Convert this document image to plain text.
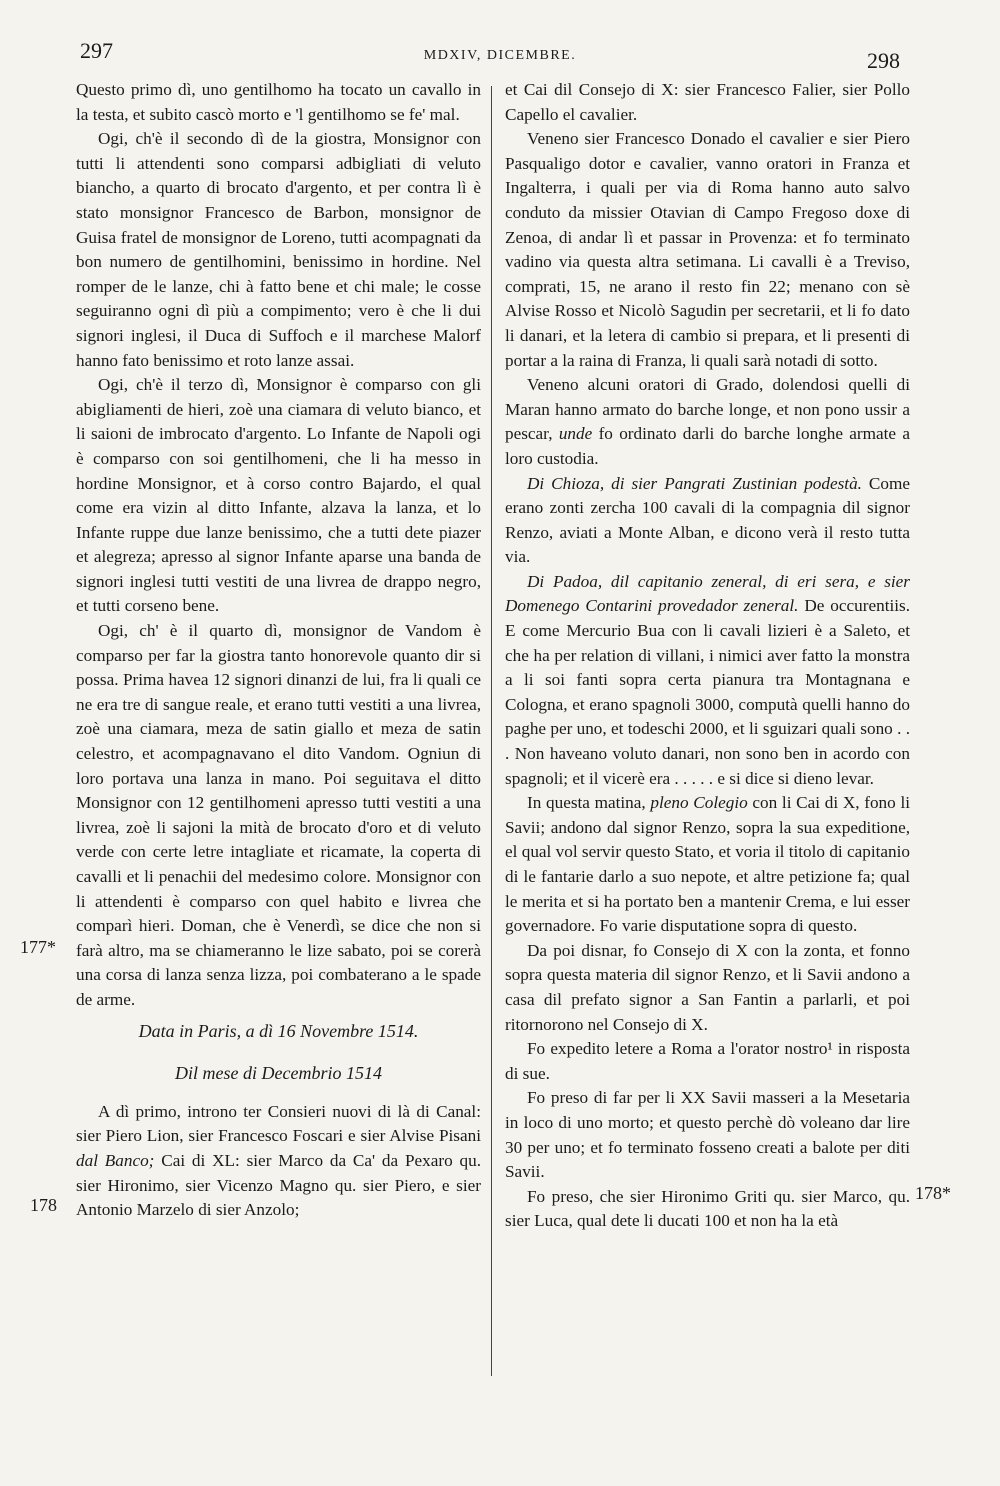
297	MDXIV, DICEMBRE.	298
177*
178
178*

Questo primo dì, uno gentilhomo ha tocato un cavallo in la testa, et subito cascò morto e 'l gentilhomo se fe' mal.

Ogi, ch'è il secondo dì de la giostra, Monsignor con tutti li attendenti sono comparsi adbigliati di veluto biancho, a quarto di brocato d'argento, et per contra lì è stato monsignor Francesco de Barbon, monsignor de Guisa fratel de monsignor de Loreno, tutti acompagnati da bon numero de gentilhomini, benissimo in hordine. Nel romper de le lanze, chi à fatto bene et chi male; le cosse seguiranno ogni dì più a compimento; vero è che li dui signori inglesi, il Duca di Suffoch e il marchese Malorf hanno fato benissimo et roto lanze assai.

Ogi, ch'è il terzo dì, Monsignor è comparso con gli abigliamenti de hieri, zoè una ciamara di veluto bianco, et li saioni de imbrocato d'argento. Lo Infante de Napoli ogi è comparso con soi gentilhomeni, che li ha messo in hordine Monsignor, et à corso contro Bajardo, el qual come era vizin al ditto Infante, alzava la lanza, et lo Infante ruppe due lanze benissimo, che a tutti dete piazer et alegreza; apresso al signor Infante aparse una banda de signori inglesi tutti vestiti de una livrea de drappo negro, et tutti corseno bene.

Ogi, ch' è il quarto dì, monsignor de Vandom è comparso per far la giostra tanto honorevole quanto dir si possa. Prima havea 12 signori dinanzi de lui, fra li quali ce ne era tre di sangue reale, et erano tutti vestiti a una livrea, zoè una ciamara, meza de satin giallo et meza de satin celestro, et acompagnavano el dito Vandom. Ogniun di loro portava una lanza in mano. Poi seguitava el ditto Monsignor con 12 gentilhomeni apresso tutti vestiti a una livrea, zoè li sajoni la mità de brocato d'oro et di veluto verde con certe letre intagliate et ricamate, la coperta di cavalli et li penachii del medesimo colore. Monsignor con li attendenti è comparso con quel habito e livrea che comparì hieri. Doman, che è Venerdì, se dice che non si farà altro, ma se chiameranno le lize sabato, poi se corerà una corsa di lanza senza lizza, poi combaterano a le spade de arme.

Data in Paris, a dì 16 Novembre 1514.

Dil mese di Decembrio 1514

A dì primo, introno ter Consieri nuovi di là di Canal: sier Piero Lion, sier Francesco Foscari e sier Alvise Pisani dal Banco; Cai di XL: sier Marco da Ca' da Pexaro qu. sier Hironimo, sier Vicenzo Magno qu. sier Piero, e sier Antonio Marzelo di sier Anzolo;

et Cai dil Consejo di X: sier Francesco Falier, sier Pollo Capello el cavalier.

Veneno sier Francesco Donado el cavalier e sier Piero Pasqualigo dotor e cavalier, vanno oratori in Franza et Ingalterra, i quali per via di Roma hanno auto salvo conduto da missier Otavian di Campo Fregoso doxe di Zenoa, di andar lì et passar in Provenza: et fo terminato vadino via questa altra setimana. Li cavalli è a Treviso, comprati, 15, ne arano il resto fin 22; menano con sè Alvise Rosso et Nicolò Sagudin per secretarii, et li fo dato li danari, et la letera di cambio si prepara, et li presenti di portar a la raina di Franza, li quali sarà notadi di sotto.

Veneno alcuni oratori di Grado, dolendosi quelli di Maran hanno armato do barche longe, et non pono ussir a pescar, unde fo ordinato darli do barche longhe armate a loro custodia.

Di Chioza, di sier Pangrati Zustinian podestà. Come erano zonti zercha 100 cavali di la compagnia dil signor Renzo, aviati a Monte Alban, e dicono verà il resto tutta via.

Di Padoa, dil capitanio zeneral, di eri sera, e sier Domenego Contarini provedador zeneral. De occurentiis. E come Mercurio Bua con li cavali lizieri è a Saleto, et che ha per relation di villani, i nimici aver fatto la monstra a li soi fanti sopra certa pianura tra Montagnana e Cologna, et erano spagnoli 3000, computà quelli hanno do paghe per uno, et todeschi 2000, et li sguizari quali sono . . . Non haveano voluto danari, non sono ben in acordo con spagnoli; et il vicerè era . . . . . e si dice si dieno levar.

In questa matina, pleno Colegio con li Cai di X, fono li Savii; andono dal signor Renzo, sopra la sua expeditione, el qual vol servir questo Stato, et voria il titolo di capitanio di le fantarie darlo a suo nepote, et altre petizione fa; qual le merita et si ha portato ben a mantenir Crema, e lui esser governadore. Fo varie disputatione sopra di questo.

Da poi disnar, fo Consejo di X con la zonta, et fonno sopra questa materia dil signor Renzo, et li Savii andono a casa dil prefato signor a San Fantin a parlarli, et poi ritornorono nel Consejo di X.

Fo expedito letere a Roma a l'orator nostro¹ in risposta di sue.

Fo preso di far per li XX Savii masseri a la Mesetaria in loco di uno morto; et questo perchè dò voleano dar lire 30 per uno; et fo terminato fosseno creati a balote per diti Savii.

Fo preso, che sier Hironimo Griti qu. sier Marco, qu. sier Luca, qual dete li ducati 100 et non ha la età
